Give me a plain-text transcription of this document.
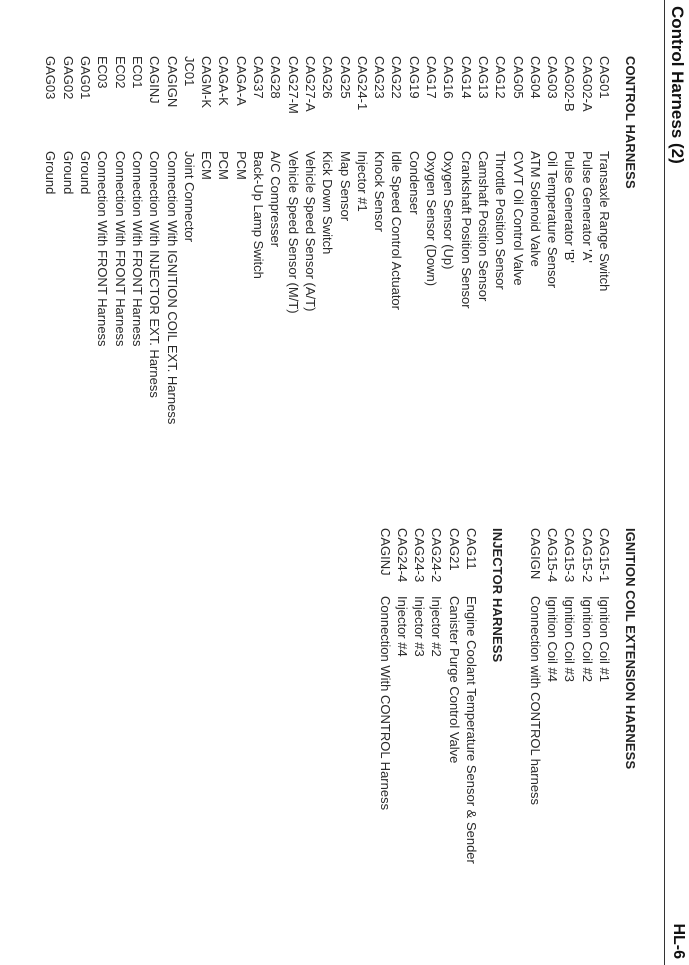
Control Harness (2)
HL-6
CONTROL HARNESS
CAG01
Transaxle Range Switch
CAG02-A
Pulse Generator 'A'
CAG02-B
Pulse Generator 'B'
CAG03
Oil Temperature Sensor
CAG04
ATM Solenoid Valve
CAG05
CVVT Oil Control Valve
CAG12
Throttle Position Sensor
CAG13
Camshaft Position Sensor
CAG14
Crankshaft Position Sensor
CAG16
Oxygen Sensor (Up)
CAG17
Oxygen Sensor (Down)
CAG19
Condenser
CAG22
Idle Speed Control Actuator
CAG23
Knock Sensor
CAG24-1
Injector #1
CAG25
Map Sensor
CAG26
Kick Down Switch
CAG27-A
Vehicle Speed Sensor (A/T)
CAG27-M
Vehicle Speed Sensor (M/T)
CAG28
A/C Compresser
CAG37
Back-Up Lamp Switch
CAGA-A
PCM
CAGA-K
PCM
CAGM-K
ECM
JC01
Joint Connector
CAGIGN
Connection With IGNITION COIL EXT. Harness
CAGINJ
Connection With INJECTOR EXT. Harness
EC01
Connection With FRONT Harness
EC02
Connection With FRONT Harness
EC03
Connection With FRONT Harness
GAG01
Ground
GAG02
Ground
GAG03
Ground
IGNITION COIL EXTENSION HARNESS
CAG15-1
Ignition Coil #1
CAG15-2
Ignition Coil #2
CAG15-3
Ignition Coil #3
CAG15-4
Ignition Coil #4
CAGIGN
Connection with CONTROL harness
INJECTOR HARNESS
CAG11
Engine Coolant Temperature Sensor & Sender
CAG21
Canister Purge Control Valve
CAG24-2
Injector #2
CAG24-3
Injector #3
CAG24-4
Injector #4
CAGINJ
Connection With CONTROL Harness
